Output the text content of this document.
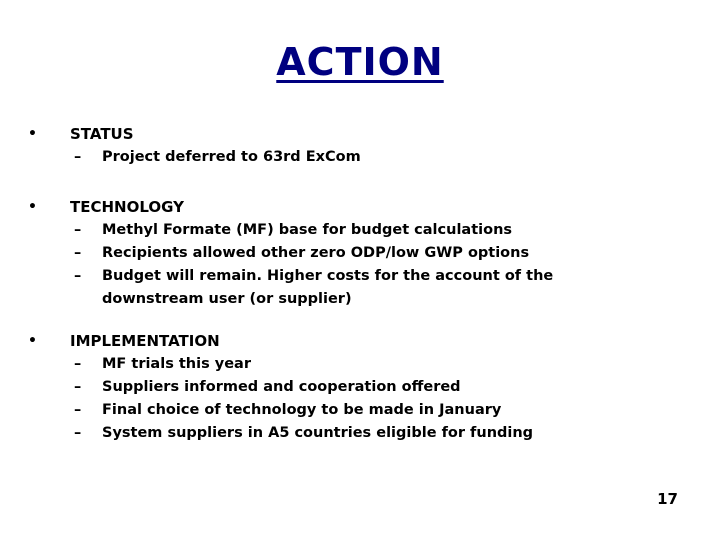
ACTION
•	STATUS
– Project deferred to 63rd ExCom
•	TECHNOLOGY
– Methyl Formate (MF) base for budget calculations
– Recipients allowed other zero ODP/low GWP options
– Budget will remain. Higher costs for the account of the downstream user (or supplier)
•	IMPLEMENTATION
– MF trials this year
– Suppliers informed and cooperation offered
– Final choice of technology to be made in January
– System suppliers in A5 countries eligible for funding
17
